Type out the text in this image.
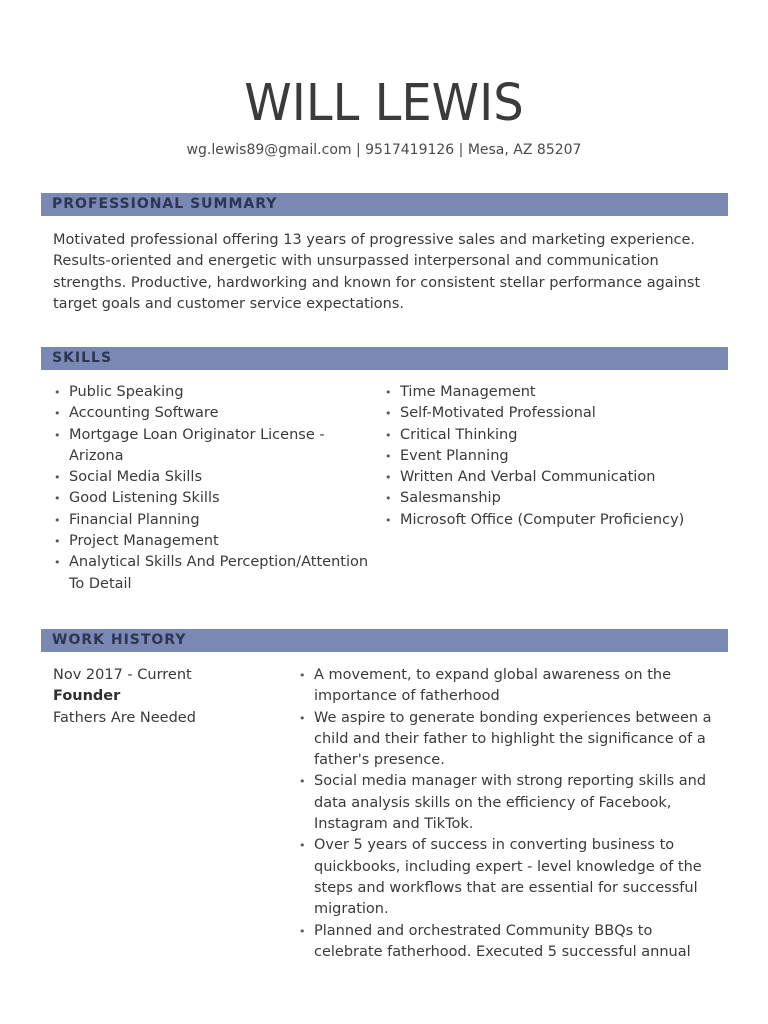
WILL LEWIS
wg.lewis89@gmail.com | 9517419126 | Mesa, AZ 85207
PROFESSIONAL SUMMARY

Motivated professional offering 13 years of progressive sales and marketing experience. Results-oriented and energetic with unsurpassed interpersonal and communication strengths. Productive, hardworking and known for consistent stellar performance against target goals and customer service expectations.

SKILLS
• Public Speaking
• Accounting Software
• Mortgage Loan Originator License - Arizona
• Social Media Skills
• Good Listening Skills
• Financial Planning
• Project Management
• Analytical Skills And Perception/Attention To Detail
• Time Management
• Self-Motivated Professional
• Critical Thinking
• Event Planning
• Written And Verbal Communication
• Salesmanship
• Microsoft Office (Computer Proficiency)
WORK HISTORY
Nov 2017 - Current
Founder
Fathers Are Needed
• A movement, to expand global awareness on the importance of fatherhood
• We aspire to generate bonding experiences between a child and their father to highlight the significance of a father's presence.
• Social media manager with strong reporting skills and data analysis skills on the efficiency of Facebook, Instagram and TikTok.
• Over 5 years of success in converting business to quickbooks, including expert - level knowledge of the steps and workflows that are essential for successful migration.
• Planned and orchestrated Community BBQs to celebrate fatherhood. Executed 5 successful annual
